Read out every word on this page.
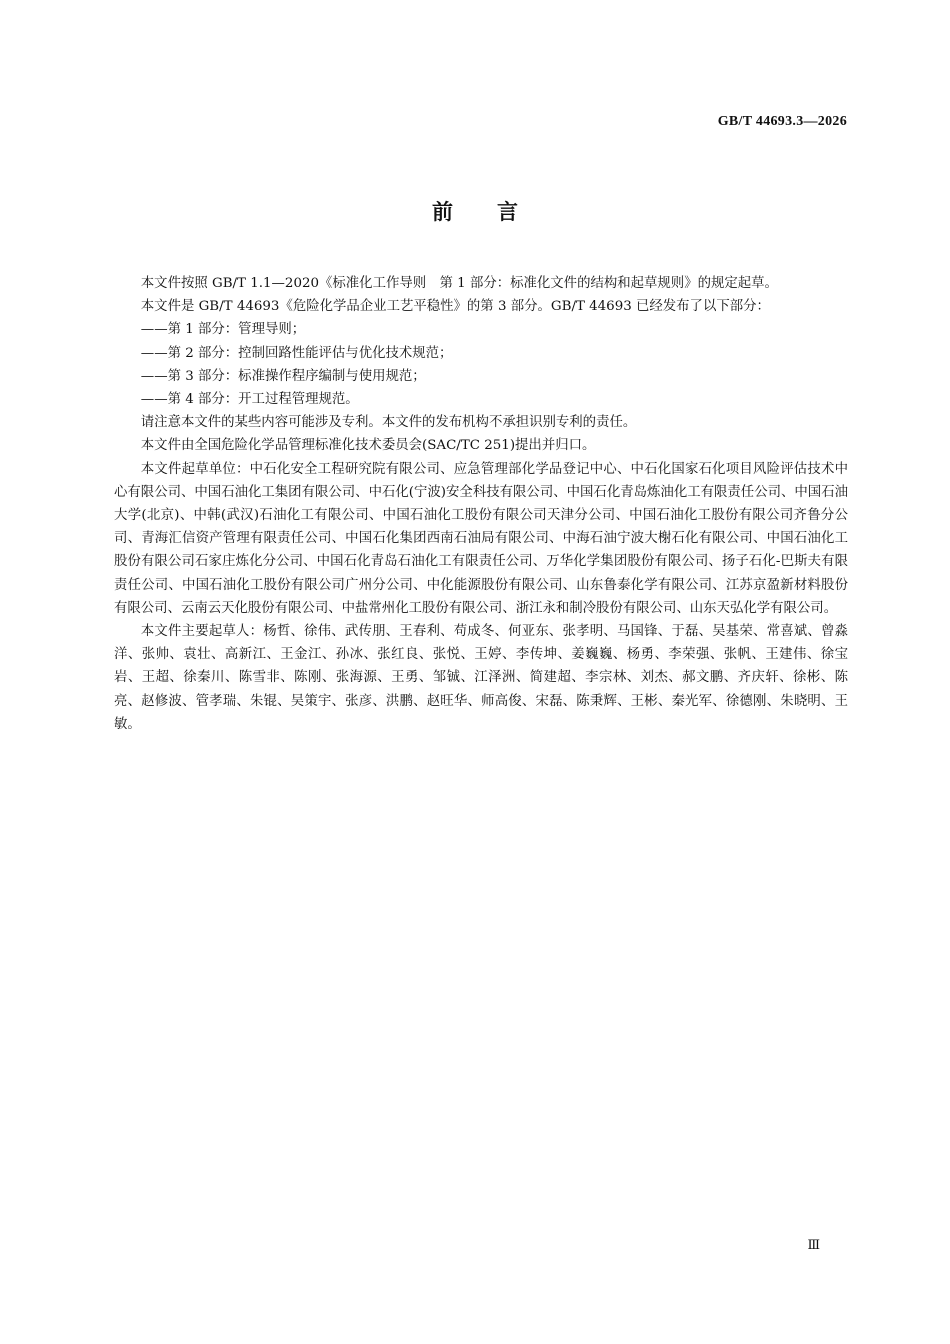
GB/T 44693.3—2026
前言

本文件按照 GB/T 1.1—2020《标准化工作导则　第 1 部分：标准化文件的结构和起草规则》的规定起草。

本文件是 GB/T 44693《危险化学品企业工艺平稳性》的第 3 部分。GB/T 44693 已经发布了以下部分：

——第 1 部分：管理导则；

——第 2 部分：控制回路性能评估与优化技术规范；

——第 3 部分：标准操作程序编制与使用规范；

——第 4 部分：开工过程管理规范。

请注意本文件的某些内容可能涉及专利。本文件的发布机构不承担识别专利的责任。

本文件由全国危险化学品管理标准化技术委员会(SAC/TC 251)提出并归口。

本文件起草单位：中石化安全工程研究院有限公司、应急管理部化学品登记中心、中石化国家石化项目风险评估技术中心有限公司、中国石油化工集团有限公司、中石化(宁波)安全科技有限公司、中国石化青岛炼油化工有限责任公司、中国石油大学(北京)、中韩(武汉)石油化工有限公司、中国石油化工股份有限公司天津分公司、中国石油化工股份有限公司齐鲁分公司、青海汇信资产管理有限责任公司、中国石化集团西南石油局有限公司、中海石油宁波大榭石化有限公司、中国石油化工股份有限公司石家庄炼化分公司、中国石化青岛石油化工有限责任公司、万华化学集团股份有限公司、扬子石化-巴斯夫有限责任公司、中国石油化工股份有限公司广州分公司、中化能源股份有限公司、山东鲁泰化学有限公司、江苏京盈新材料股份有限公司、云南云天化股份有限公司、中盐常州化工股份有限公司、浙江永和制冷股份有限公司、山东天弘化学有限公司。

本文件主要起草人：杨哲、徐伟、武传朋、王春利、苟成冬、何亚东、张孝明、马国锋、于磊、吴基荣、常喜斌、曾淼洋、张帅、袁壮、高新江、王金江、孙冰、张红良、张悦、王婷、李传坤、姜巍巍、杨勇、李荣强、张帆、王建伟、徐宝岩、王超、徐秦川、陈雪非、陈刚、张海源、王勇、邹铖、江泽洲、简建超、李宗林、刘杰、郝文鹏、齐庆轩、徐彬、陈亮、赵修波、管孝瑞、朱锟、吴策宇、张彦、洪鹏、赵旺华、师高俊、宋磊、陈秉辉、王彬、秦光军、徐德刚、朱晓明、王敏。

Ⅲ
